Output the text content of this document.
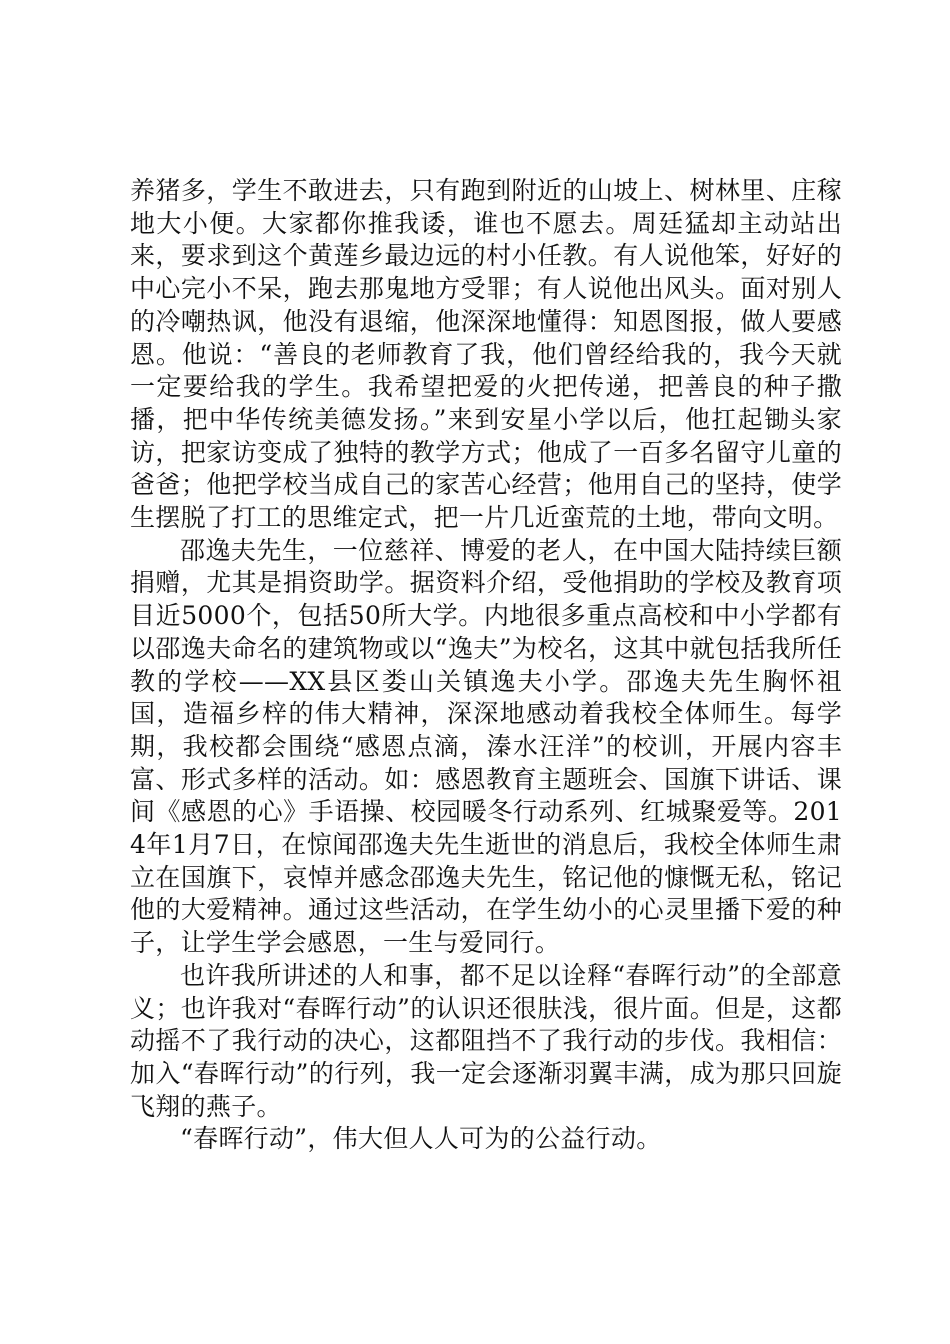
养猪多，学生不敢进去，只有跑到附近的山坡上、树林里、庄稼地大小便。大家都你推我诿，谁也不愿去。周廷猛却主动站出来，要求到这个黄莲乡最边远的村小任教。有人说他笨，好好的中心完小不呆，跑去那鬼地方受罪；有人说他出风头。面对别人的冷嘲热讽，他没有退缩，他深深地懂得：知恩图报，做人要感恩。他说：“善良的老师教育了我，他们曾经给我的，我今天就一定要给我的学生。我希望把爱的火把传递，把善良的种子撒播，把中华传统美德发扬。”来到安星小学以后，他扛起锄头家访，把家访变成了独特的教学方式；他成了一百多名留守儿童的爸爸；他把学校当成自己的家苦心经营；他用自己的坚持，使学生摆脱了打工的思维定式，把一片几近蛮荒的土地，带向文明。

邵逸夫先生，一位慈祥、博爱的老人，在中国大陆持续巨额捐赠，尤其是捐资助学。据资料介绍，受他捐助的学校及教育项目近5000个，包括50所大学。内地很多重点高校和中小学都有以邵逸夫命名的建筑物或以“逸夫”为校名，这其中就包括我所任教的学校——XX县区娄山关镇逸夫小学。邵逸夫先生胸怀祖国，造福乡梓的伟大精神，深深地感动着我校全体师生。每学期，我校都会围绕“感恩点滴，溱水汪洋”的校训，开展内容丰富、形式多样的活动。如：感恩教育主题班会、国旗下讲话、课间《感恩的心》手语操、校园暖冬行动系列、红城聚爱等。2014年1月7日，在惊闻邵逸夫先生逝世的消息后，我校全体师生肃立在国旗下，哀悼并感念邵逸夫先生，铭记他的慷慨无私，铭记他的大爱精神。通过这些活动，在学生幼小的心灵里播下爱的种子，让学生学会感恩，一生与爱同行。

也许我所讲述的人和事，都不足以诠释“春晖行动”的全部意义；也许我对“春晖行动”的认识还很肤浅，很片面。但是，这都动摇不了我行动的决心，这都阻挡不了我行动的步伐。我相信：加入“春晖行动”的行列，我一定会逐渐羽翼丰满，成为那只回旋飞翔的燕子。

“春晖行动”，伟大但人人可为的公益行动。
